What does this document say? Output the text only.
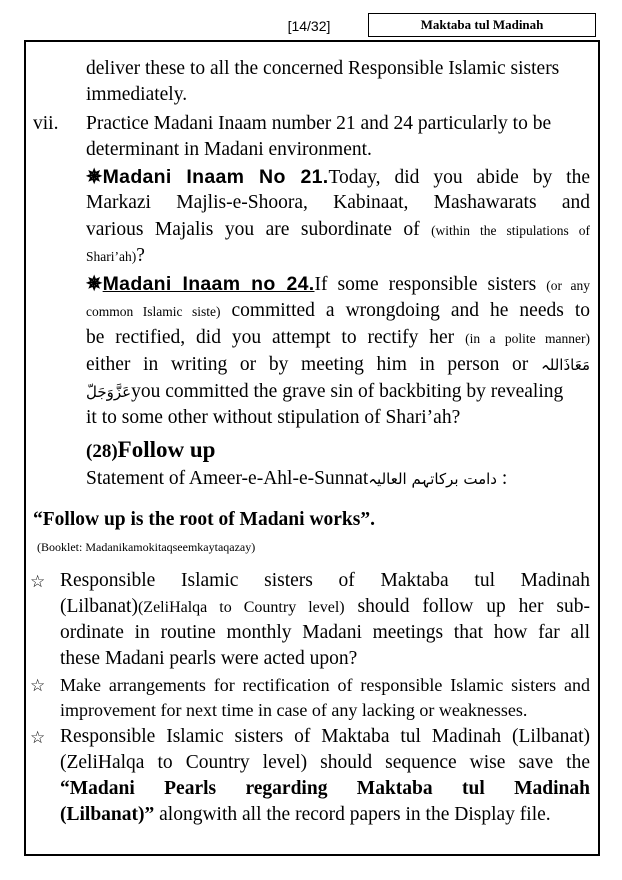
[14/32]	Maktaba tul Madinah
deliver these to all the concerned Responsible Islamic sisters
immediately.
vii. Practice Madani Inaam number 21 and 24 particularly to be
determinant in Madani environment.
✵Madani Inaam No 21.Today, did you abide by the
Markazi Majlis-e-Shoora, Kabinaat, Mashawarats and
various Majalis you are subordinate of (within the stipulations of
Shari’ah)?
✵Madani Inaam no 24.If some responsible sisters (or any
common Islamic siste) committed a wrongdoing and he needs to
be rectified, did you attempt to rectify her (in a polite manner)
either in writing or by meeting him in person or مَعَاذَاللہ
عَزَّوَجَلّyou committed the grave sin of backbiting by revealing
it to some other without stipulation of Shari’ah?
(28)Follow up
Statement of Ameer-e-Ahl-e-Sunnatدامت برکاتہم العالیہ :
“Follow up is the root of Madani works”.
(Booklet: Madanikamokitaqseemkaytaqazay)
☆ Responsible Islamic sisters of Maktaba tul Madinah
(Lilbanat)(ZeliHalqa to Country level) should follow up her sub-
ordinate in routine monthly Madani meetings that how far all
these Madani pearls were acted upon?
☆ Make arrangements for rectification of responsible Islamic sisters and
improvement for next time in case of any lacking or weaknesses.
☆ Responsible Islamic sisters of Maktaba tul Madinah (Lilbanat)
(ZeliHalqa to Country level) should sequence wise save the
“Madani Pearls regarding Maktaba tul Madinah
(Lilbanat)” alongwith all the record papers in the Display file.
